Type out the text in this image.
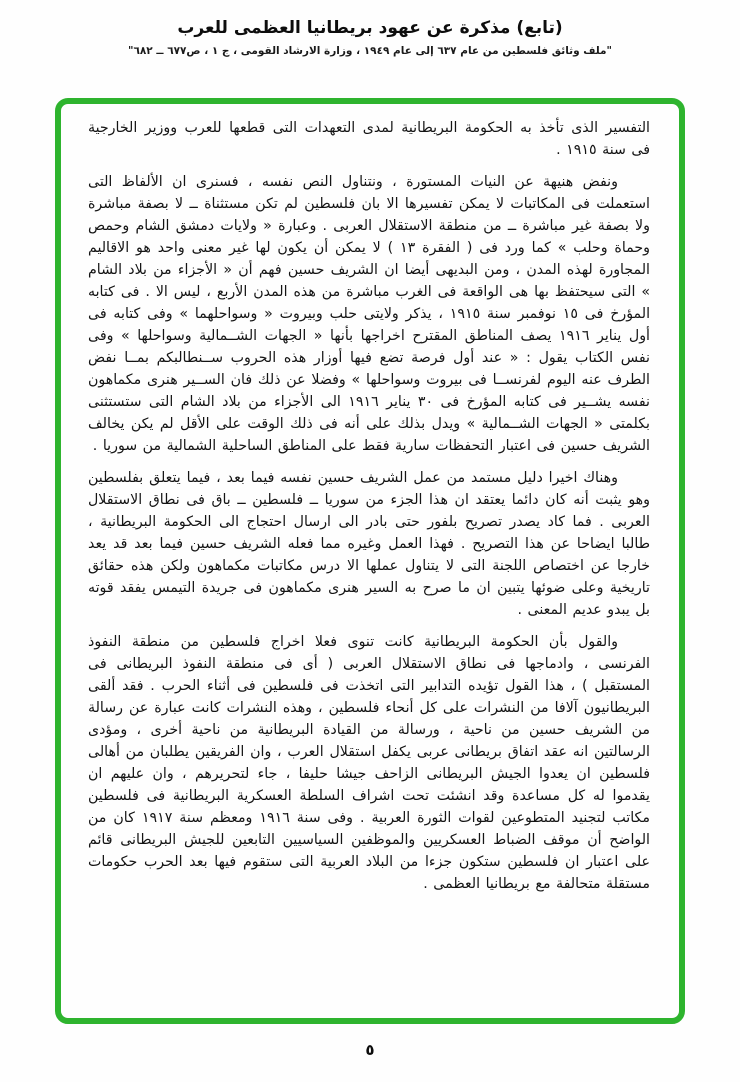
(تابع) مذكرة عن عهود بريطانيا العظمى للعرب
"ملف وثائق فلسطين من عام ٦٣٧ إلى عام ١٩٤٩ ، وزارة الارشاد القومى ، ج ١ ، ص٦٧٧ ــ ٦٨٢"

التفسير الذى تأخذ به الحكومة البريطانية لمدى التعهدات التى قطعها للعرب ووزير الخارجية فى سنة ١٩١٥ .

ونفض هنيهة عن النيات المستورة ، ونتناول النص نفسه ، فسنرى ان الألفاظ التى استعملت فى المكاتبات لا يمكن تفسيرها الا بان فلسطين لم تكن مستثناة ــ لا بصفة مباشرة ولا بصفة غير مباشرة ــ من منطقة الاستقلال العربى . وعبارة « ولايات دمشق الشام وحمص وحماة وحلب » كما ورد فى ( الفقرة ١٣ ) لا يمكن أن يكون لها غير معنى واحد هو الاقاليم المجاورة لهذه المدن ، ومن البديهى أيضا ان الشريف حسين فهم أن « الأجزاء من بلاد الشام » التى سيحتفظ بها هى الواقعة فى الغرب مباشرة من هذه المدن الأربع ، ليس الا . فى كتابه المؤرخ فى ١٥ نوفمبر سنة ١٩١٥ ، يذكر ولايتى حلب وبيروت « وسواحلهما » وفى كتابه فى أول يناير ١٩١٦ يصف المناطق المقترح اخراجها بأنها « الجهات الشــمالية وسواحلها » وفى نفس الكتاب يقول : « عند أول فرصة تضع فيها أوزار هذه الحروب ســنطالبكم بمــا نفض الطرف عنه اليوم لفرنســا فى بيروت وسواحلها » وفضلا عن ذلك فان الســير هنرى مكماهون نفسه يشــير فى كتابه المؤرخ فى ٣٠ يناير ١٩١٦ الى الأجزاء من بلاد الشام التى ستستثنى بكلمتى « الجهات الشــمالية » ويدل بذلك على أنه فى ذلك الوقت على الأقل لم يكن يخالف الشريف حسين فى اعتبار التحفظات سارية فقط على المناطق الساحلية الشمالية من سوريا .

وهناك اخيرا دليل مستمد من عمل الشريف حسين نفسه فيما بعد ، فيما يتعلق بفلسطين وهو يثبت أنه كان دائما يعتقد ان هذا الجزء من سوريا ــ فلسطين ــ باق فى نطاق الاستقلال العربى . فما كاد يصدر تصريح بلفور حتى بادر الى ارسال احتجاج الى الحكومة البريطانية ، طالبا ايضاحا عن هذا التصريح . فهذا العمل وغيره مما فعله الشريف حسين فيما بعد قد يعد خارجا عن اختصاص اللجنة التى لا يتناول عملها الا درس مكاتبات مكماهون ولكن هذه حقائق تاريخية وعلى ضوئها يتبين ان ما صرح به السير هنرى مكماهون فى جريدة التيمس يفقد قوته بل يبدو عديم المعنى .

والقول بأن الحكومة البريطانية كانت تنوى فعلا اخراج فلسطين من منطقة النفوذ الفرنسى ، وادماجها فى نطاق الاستقلال العربى ( أى فى منطقة النفوذ البريطانى فى المستقبل ) ، هذا القول تؤيده التدابير التى اتخذت فى فلسطين فى أثناء الحرب . فقد ألقى البريطانيون آلافا من النشرات على كل أنحاء فلسطين ، وهذه النشرات كانت عبارة عن رسالة من الشريف حسين من ناحية ، ورسالة من القيادة البريطانية من ناحية أخرى ، ومؤدى الرسالتين انه عقد اتفاق بريطانى عربى يكفل استقلال العرب ، وان الفريقين يطلبان من أهالى فلسطين ان يعدوا الجيش البريطانى الزاحف جيشا حليفا ، جاء لتحريرهم ، وان عليهم ان يقدموا له كل مساعدة وقد انشئت تحت اشراف السلطة العسكرية البريطانية فى فلسطين مكاتب لتجنيد المتطوعين لقوات الثورة العربية . وفى سنة ١٩١٦ ومعظم سنة ١٩١٧ كان من الواضح أن موقف الضباط العسكريين والموظفين السياسيين التابعين للجيش البريطانى قائم على اعتبار ان فلسطين ستكون جزءا من البلاد العربية التى ستقوم فيها بعد الحرب حكومات مستقلة متحالفة مع بريطانيا العظمى .

٥
